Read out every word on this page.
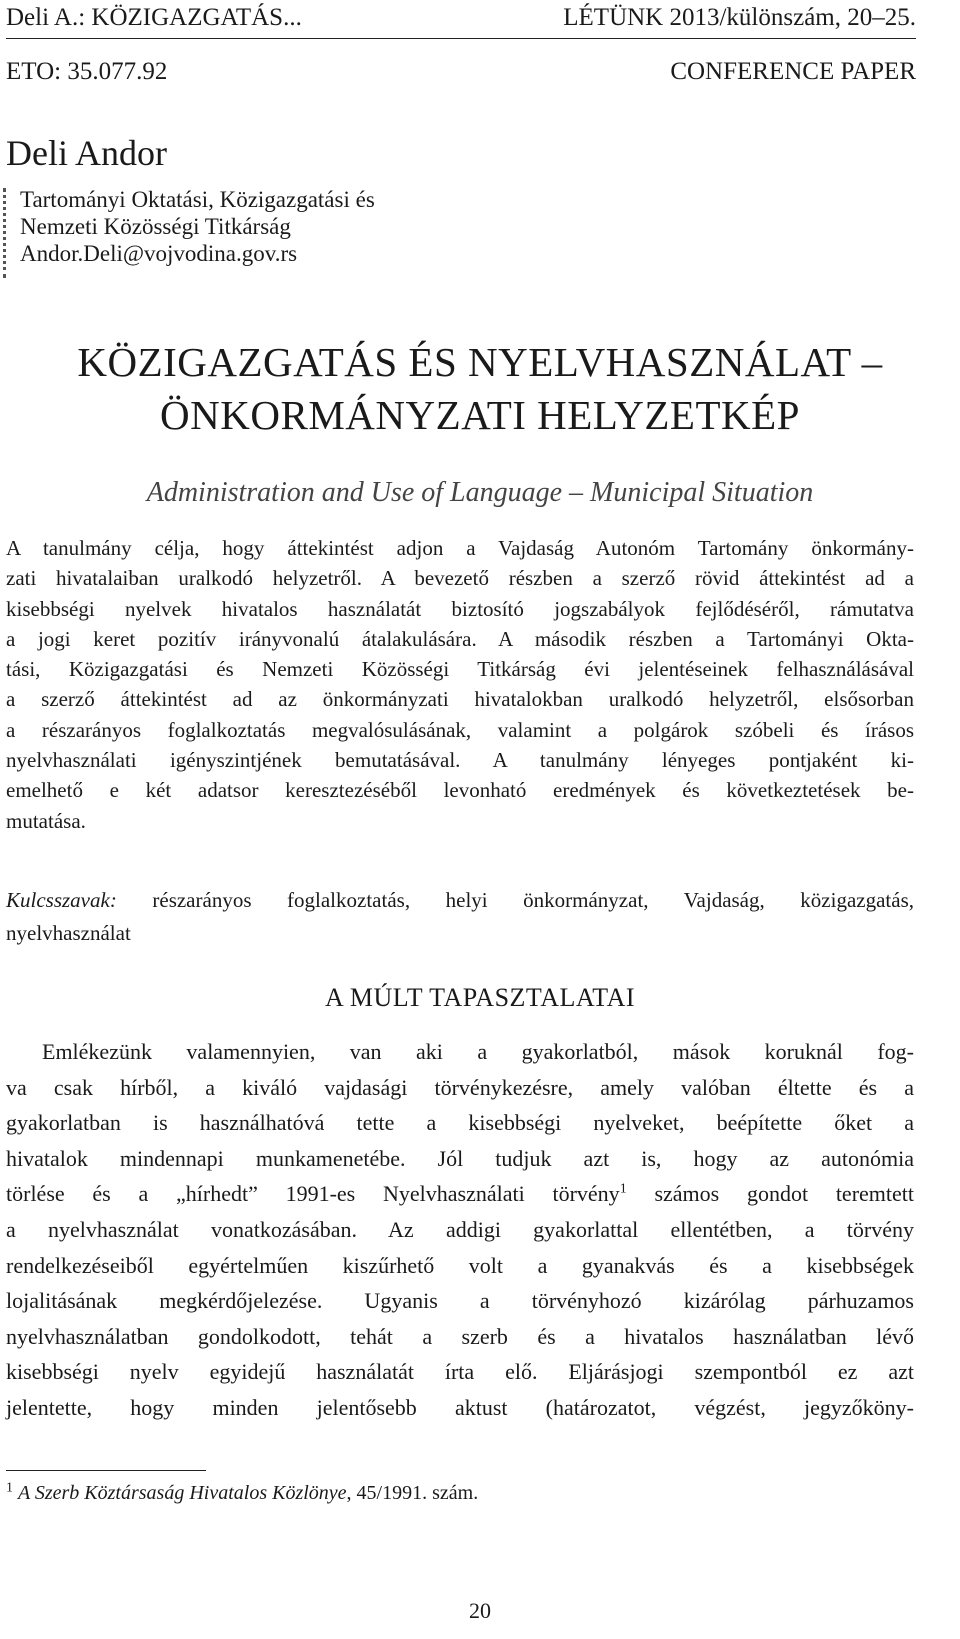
Deli A.: KÖZIGAZGATÁS...	LÉTÜNK 2013/különszám, 20–25.
ETO: 35.077.92	CONFERENCE PAPER
Deli Andor
Tartományi Oktatási, Közigazgatási és
Nemzeti Közösségi Titkárság
Andor.Deli@vojvodina.gov.rs
KÖZIGAZGATÁS ÉS NYELVHASZNÁLAT –
ÖNKORMÁNYZATI HELYZETKÉP
Administration and Use of Language – Municipal Situation
A tanulmány célja, hogy áttekintést adjon a Vajdaság Autonóm Tartomány önkormány-
zati hivatalaiban uralkodó helyzetről. A bevezető részben a szerző rövid áttekintést ad a
kisebbségi nyelvek hivatalos használatát biztosító jogszabályok fejlődéséről, rámutatva
a jogi keret pozitív irányvonalú átalakulására. A második részben a Tartományi Okta-
tási, Közigazgatási és Nemzeti Közösségi Titkárság évi jelentéseinek felhasználásával
a szerző áttekintést ad az önkormányzati hivatalokban uralkodó helyzetről, elsősorban
a részarányos foglalkoztatás megvalósulásának, valamint a polgárok szóbeli és írásos
nyelvhasználati igényszintjének bemutatásával. A tanulmány lényeges pontjaként ki-
emelhető e két adatsor keresztezéséből levonható eredmények és következtetések be-
mutatása.
Kulcsszavak: részarányos foglalkoztatás, helyi önkormányzat, Vajdaság, közigazgatás,
nyelvhasználat
A MÚLT TAPASZTALATAI
Emlékezünk valamennyien, van aki a gyakorlatból, mások koruknál fog-
va csak hírből, a kiváló vajdasági törvénykezésre, amely valóban éltette és a
gyakorlatban is használhatóvá tette a kisebbségi nyelveket, beépítette őket a
hivatalok mindennapi munkamenetébe. Jól tudjuk azt is, hogy az autonómia
törlése és a „hírhedt” 1991-es Nyelvhasználati törvény$^1$ számos gondot teremtett
a nyelvhasználat vonatkozásában. Az addigi gyakorlattal ellentétben, a törvény
rendelkezéseiből egyértelműen kiszűrhető volt a gyanakvás és a kisebbségek
lojalitásának megkérdőjelezése. Ugyanis a törvényhozó kizárólag párhuzamos
nyelvhasználatban gondolkodott, tehát a szerb és a hivatalos használatban lévő
kisebbségi nyelv egyidejű használatát írta elő. Eljárásjogi szempontból ez azt
jelentette, hogy minden jelentősebb aktust (határozatot, végzést, jegyzőköny-
$^1$ A Szerb Köztársaság Hivatalos Közlönye, 45/1991. szám.
20
